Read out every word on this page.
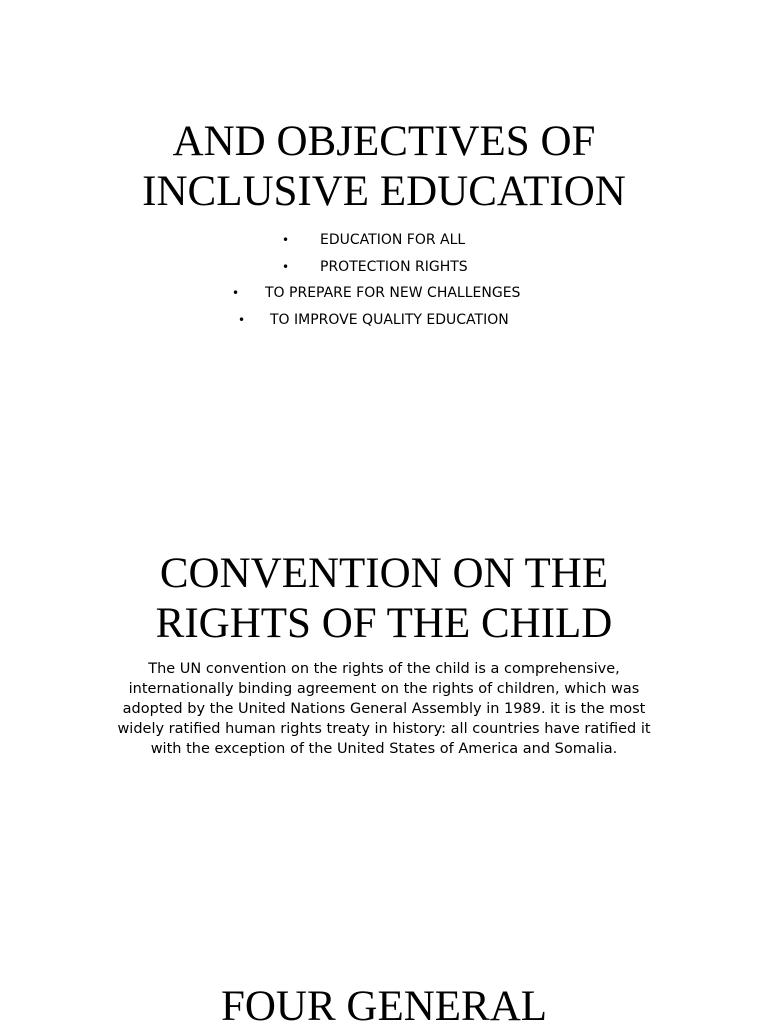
AND OBJECTIVES OF
INCLUSIVE EDUCATION
• EDUCATION FOR ALL
• PROTECTION RIGHTS
• TO PREPARE FOR NEW CHALLENGES
• TO IMPROVE QUALITY EDUCATION
CONVENTION ON THE
RIGHTS OF THE CHILD

The UN convention on the rights of the child is a comprehensive,
internationally binding agreement on the rights of children, which was
adopted by the United Nations General Assembly in 1989. it is the most
widely ratified human rights treaty in history: all countries have ratified it
with the exception of the United States of America and Somalia.

FOUR GENERAL
